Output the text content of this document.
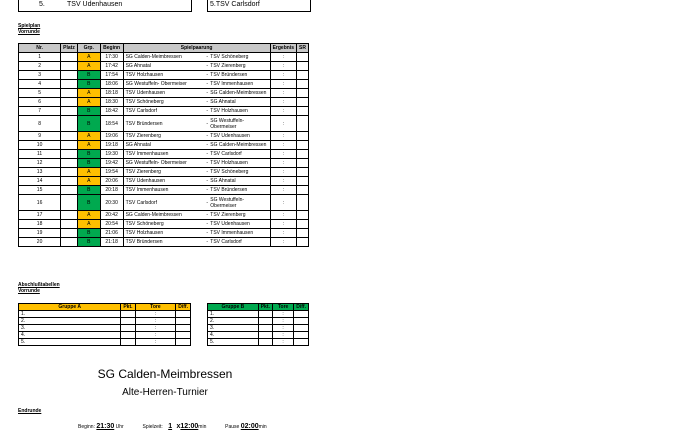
5.	TSV Udenhausen	5.TSV Carlsdorf
Spielplan
Vorrunde
Nr.	Platz	Grp.	Beginn	Spielpaarung			Ergebnis	SR
1		A	17:30	SG Calden-Meimbressen	-	TSV Schöneberg	:	
2		A	17:42	SG Ahnatal	-	TSV Zierenberg	:	
3		B	17:54	TSV Holzhausen	-	TSV Bründersen	:	
4		B	18:06	SG Westuffeln- Obermeiser	-	TSV Immenhausen	:	
5		A	18:18	TSV Udenhausen	-	SG Calden-Meimbressen	:	
6		A	18:30	TSV Schöneberg	-	SG Ahnatal	:	
7		B	18:42	TSV Carlsdorf	-	TSV Holzhausen	:	
8		B	18:54	TSV Bründersen	-	SG Westuffeln- Obermeiser	:	
9		A	19:06	TSV Zierenberg	-	TSV Udenhausen	:	
10		A	19:18	SG Ahnatal	-	SG Calden-Meimbressen	:	
11		B	19:30	TSV Immenhausen	-	TSV Carlsdorf	:	
12		B	19:42	SG Westuffeln- Obermeiser	-	TSV Holzhausen	:	
13		A	19:54	TSV Zierenberg	-	TSV Schöneberg	:	
14		A	20:06	TSV Udenhausen	-	SG Ahnatal	:	
15		B	20:18	TSV Immenhausen	-	TSV Bründersen	:	
16		B	20:30	TSV Carlsdorf	-	SG Westuffeln- Obermeiser	:	
17		A	20:42	SG Calden-Meimbressen	-	TSV Zierenberg	:	
18		A	20:54	TSV Schöneberg	-	TSV Udenhausen	:	
19		B	21:06	TSV Holzhausen	-	TSV Immenhausen	:	
20		B	21:18	TSV Bründersen	-	TSV Carlsdorf	:	
Abschlußtabellen
Vorrunde
Gruppe A	Pkt.	Tore	Diff.
1.		:	
2.		:	
3.		:	
4.		:	
5.		:	
Gruppe B	Pkt.	Tore	Diff.
1.		:	
2.		:	
3.		:	
4.		:	
5.		:	
SG Calden-Meimbressen
Alte-Herren-Turnier
Endrunde
Beginn: 21:30 Uhr	Spielzeit: 1 x12:00min	Pause 02:00min
